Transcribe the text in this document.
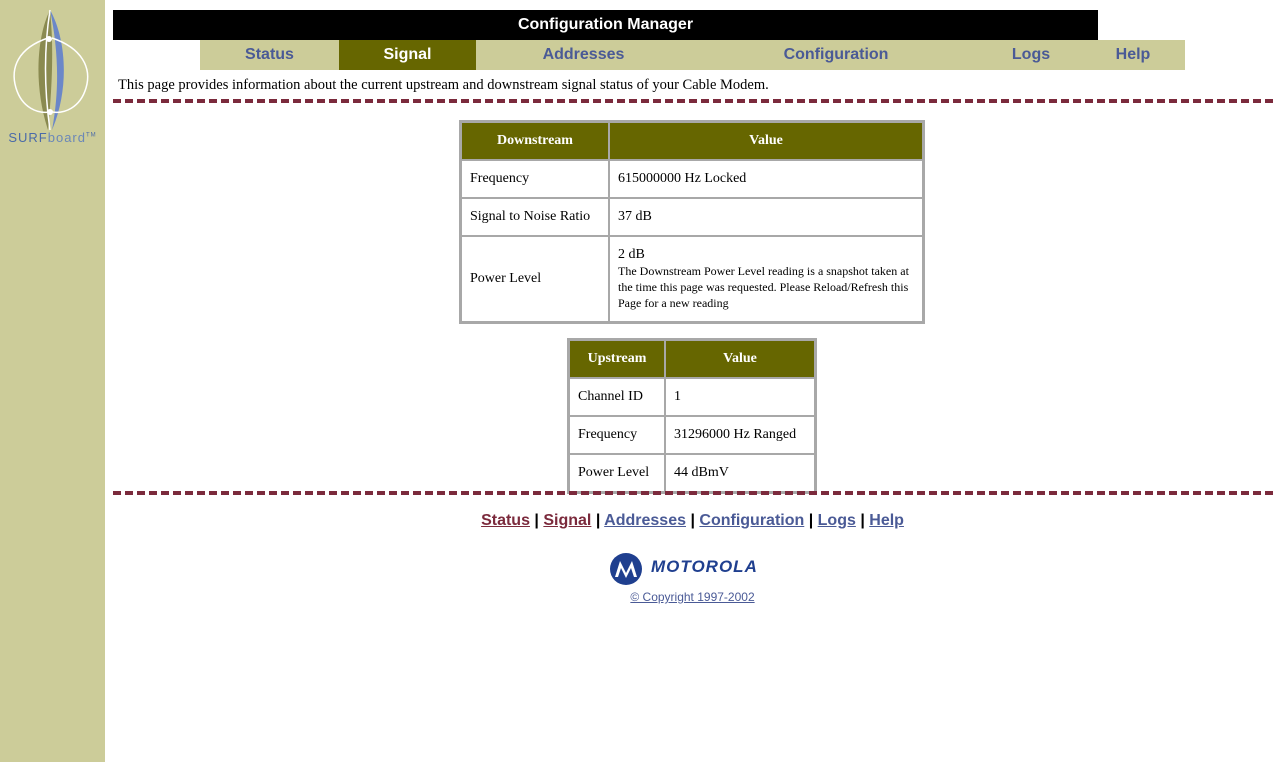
SURFboard™
Configuration Manager
Status	Signal	Addresses	Configuration	Logs	Help
This page provides information about the current upstream and downstream signal status of your Cable Modem.
Downstream	Value
Frequency	615000000 Hz Locked
Signal to Noise Ratio	37 dB
Power Level	2 dB
The Downstream Power Level reading is a snapshot taken at the time this page was requested. Please Reload/Refresh this Page for a new reading
Upstream	Value
Channel ID	1
Frequency	31296000 Hz Ranged
Power Level	44 dBmV
Status | Signal | Addresses | Configuration | Logs | Help
MOTOROLA
© Copyright 1997-2002
